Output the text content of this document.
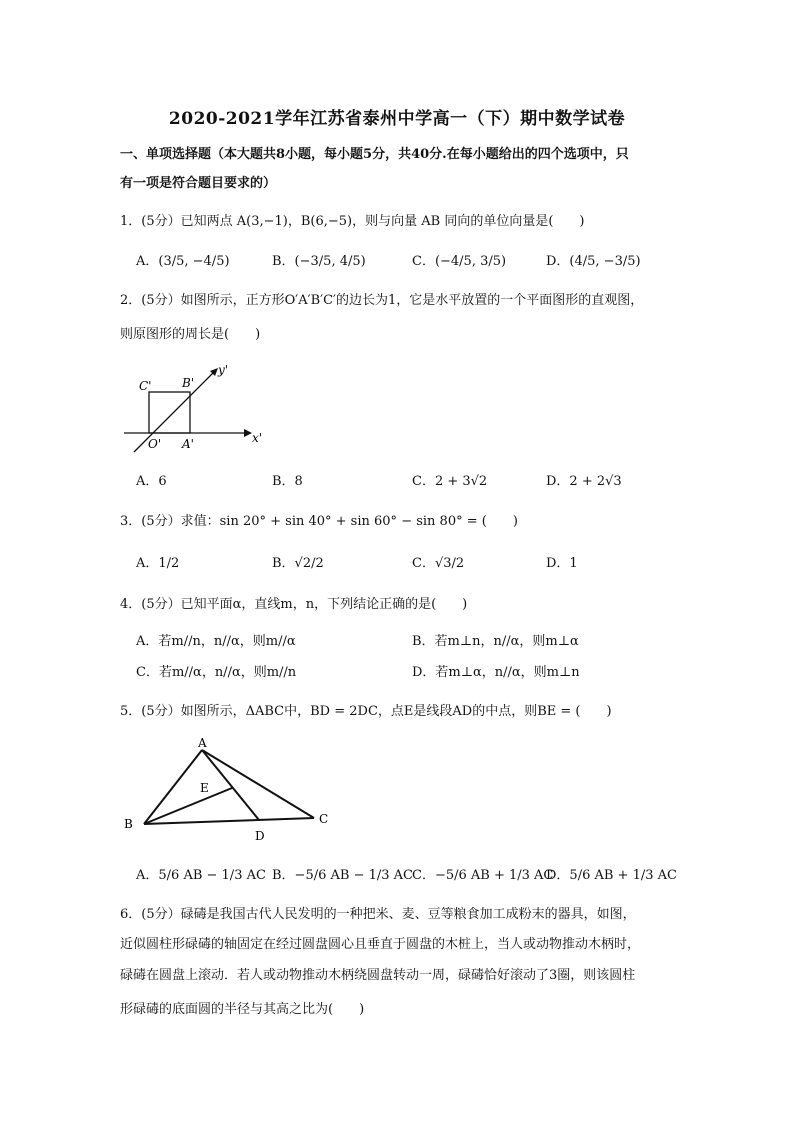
2020-2021学年江苏省泰州中学高一（下）期中数学试卷
一、单项选择题（本大题共8小题，每小题5分，共40分.在每小题给出的四个选项中，只
有一项是符合题目要求的）
1．(5分）已知两点 A(3,−1)，B(6,−5)，则与向量 AB 同向的单位向量是(　　)
A．(3/5, −4/5)	B．(−3/5, 4/5)	C．(−4/5, 3/5)	D．(4/5, −3/5)
2．(5分）如图所示，正方形O′A′B′C′的边长为1，它是水平放置的一个平面图形的直观图，
则原图形的周长是(　　)
C'	B'
y'
O' A'	x'
A．6	B．8	C．2 + 3√2	D．2 + 2√3
3．(5分）求值：sin 20° + sin 40° + sin 60° − sin 80° = (　　)
A．1/2	B．√2/2	C．√3/2	D．1
4．(5分）已知平面α，直线m，n，下列结论正确的是(　　)
A．若m//n，n//α，则m//α	B．若m⊥n，n//α，则m⊥α
C．若m//α，n//α，则m//n	D．若m⊥α，n//α，则m⊥n
5．(5分）如图所示，ΔABC中，BD = 2DC，点E是线段AD的中点，则BE = (　　)
A
E
B	C
D
A．5/6 AB − 1/3 AC B．−5/6 AB − 1/3 AC C．−5/6 AB + 1/3 AC
D．5/6 AB + 1/3 AC
6．(5分）碌碡是我国古代人民发明的一种把米、麦、豆等粮食加工成粉末的器具，如图，
近似圆柱形碌碡的轴固定在经过圆盘圆心且垂直于圆盘的木桩上，当人或动物推动木柄时，
碌碡在圆盘上滚动．若人或动物推动木柄绕圆盘转动一周，碌碡恰好滚动了3圈，则该圆柱
形碌碡的底面圆的半径与其高之比为(　　)
